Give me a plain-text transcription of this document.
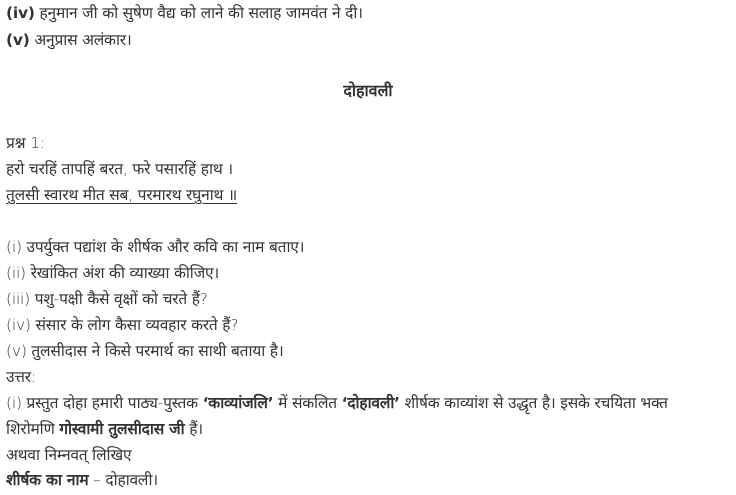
(iv) हनुमान जी को सुषेण वैद्य को लाने की सलाह जामवंत ने दी।
(v) अनुप्रास अलंकार।
दोहावली
प्रश्न 1:
हरो चरहिं तापहिं बरत, फरे पसारहिं हाथ ।
तुलसी स्वारथ मीत सब, परमारथ रघुनाथ ॥
(i) उपर्युक्त पद्यांश के शीर्षक और कवि का नाम बताए।
(ii) रेखांकित अंश की व्याख्या कीजिए।
(iii) पशु-पक्षी कैसे वृक्षों को चरते हैं?
(iv) संसार के लोग कैसा व्यवहार करते हैं?
(v) तुलसीदास ने किसे परमार्थ का साथी बताया है।
उत्तर:
(i) प्रस्तुत दोहा हमारी पाठ्य-पुस्तक ‘काव्यांजलि’ में संकलित ‘दोहावली’ शीर्षक काव्यांश से उद्धृत है। इसके रचयिता भक्त
शिरोमणि गोस्वामी तुलसीदास जी हैं।
अथवा निम्नवत् लिखिए
शीर्षक का नाम – दोहावली।
